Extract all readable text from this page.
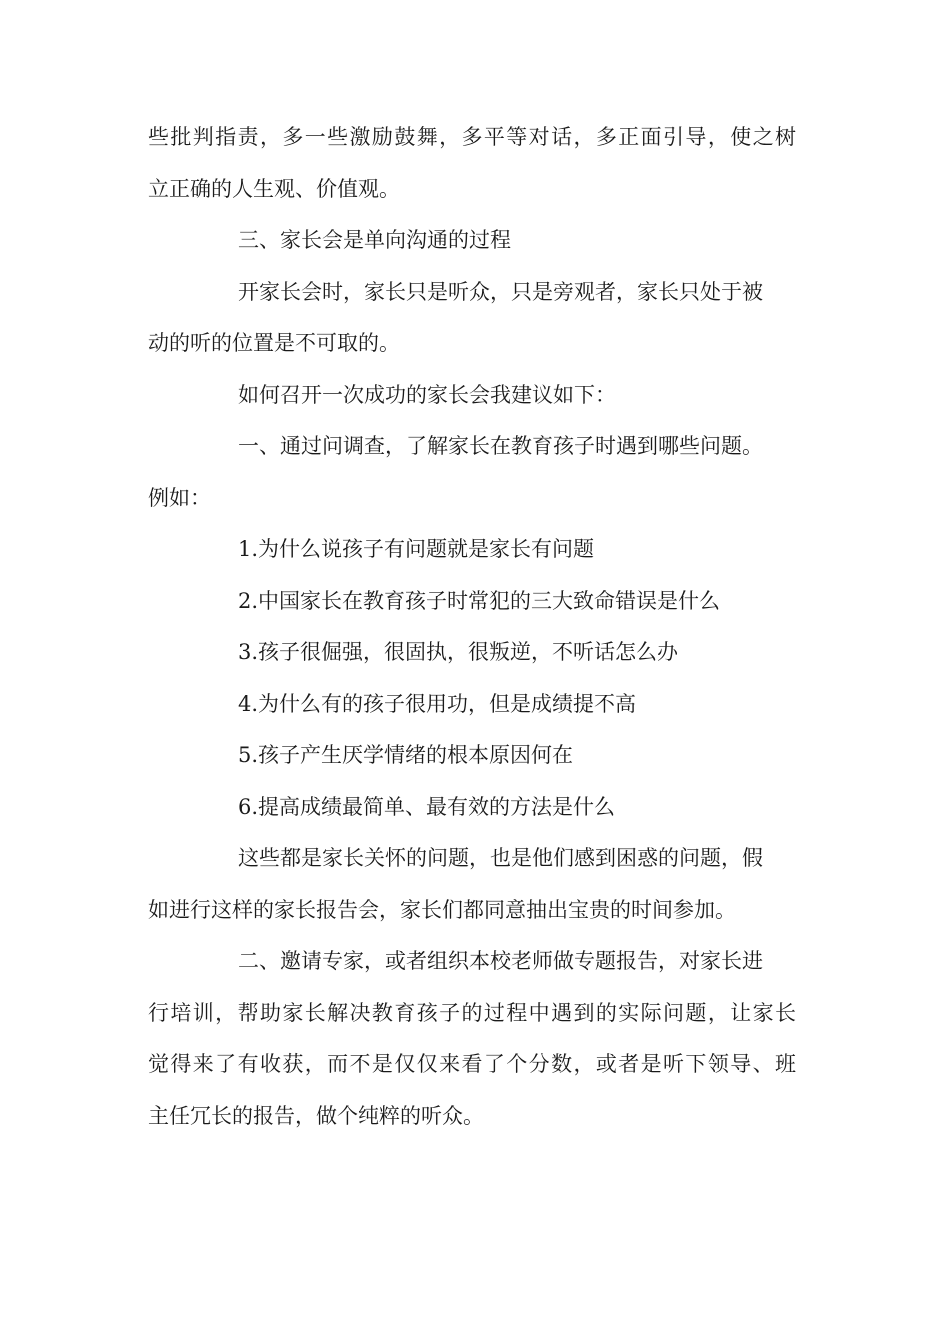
些批判指责，多一些激励鼓舞，多平等对话，多正面引导，使之树
立正确的人生观、价值观。
三、家长会是单向沟通的过程
开家长会时，家长只是听众，只是旁观者，家长只处于被
动的听的位置是不可取的。
如何召开一次成功的家长会我建议如下：
一、通过问调查，了解家长在教育孩子时遇到哪些问题。
例如：
1.为什么说孩子有问题就是家长有问题
2.中国家长在教育孩子时常犯的三大致命错误是什么
3.孩子很倔强，很固执，很叛逆，不听话怎么办
4.为什么有的孩子很用功，但是成绩提不高
5.孩子产生厌学情绪的根本原因何在
6.提高成绩最简单、最有效的方法是什么
这些都是家长关怀的问题，也是他们感到困惑的问题，假
如进行这样的家长报告会，家长们都同意抽出宝贵的时间参加。
二、邀请专家，或者组织本校老师做专题报告，对家长进
行培训，帮助家长解决教育孩子的过程中遇到的实际问题，让家长
觉得来了有收获，而不是仅仅来看了个分数，或者是听下领导、班
主任冗长的报告，做个纯粹的听众。
